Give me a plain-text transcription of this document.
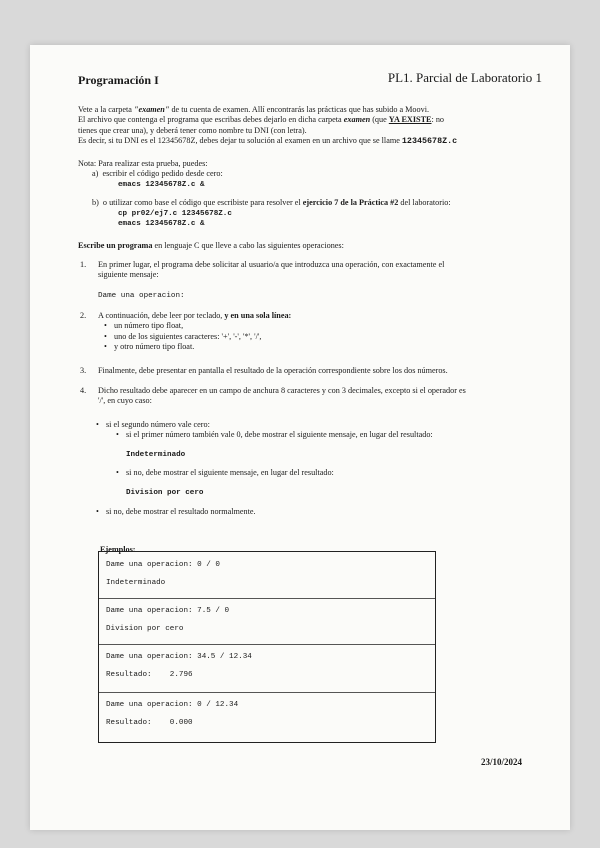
Programación I	PL1. Parcial de Laboratorio 1
Vete a la carpeta "examen" de tu cuenta de examen. Allí encontrarás las prácticas que has subido a Moovi.
El archivo que contenga el programa que escribas debes dejarlo en dicha carpeta examen (que YA EXISTE: no
tienes que crear una), y deberá tener como nombre tu DNI (con letra).
Es decir, si tu DNI es el 12345678Z, debes dejar tu solución al examen en un archivo que se llame 12345678Z.c
Nota: Para realizar esta prueba, puedes:
a) escribir el código pedido desde cero:
emacs 12345678Z.c &
b) o utilizar como base el código que escribiste para resolver el ejercicio 7 de la Práctica #2 del laboratorio:
cp pr02/ej7.c 12345678Z.c
emacs 12345678Z.c &
Escribe un programa en lenguaje C que lleve a cabo las siguientes operaciones:
1. En primer lugar, el programa debe solicitar al usuario/a que introduzca una operación, con exactamente el
siguiente mensaje:
Dame una operacion:
2. A continuación, debe leer por teclado, y en una sola línea:
• un número tipo float,
• uno de los siguientes caracteres: '+', '-', '*', '/',
• y otro número tipo float.
3.	Finalmente, debe presentar en pantalla el resultado de la operación correspondiente sobre los dos números.
4. Dicho resultado debe aparecer en un campo de anchura 8 caracteres y con 3 decimales, excepto si el operador es
'/', en cuyo caso:
• si el segundo número vale cero:
• si el primer número también vale 0, debe mostrar el siguiente mensaje, en lugar del resultado:
Indeterminado
• si no, debe mostrar el siguiente mensaje, en lugar del resultado:
Division por cero
• si no, debe mostrar el resultado normalmente.
Ejemplos:
Dame una operacion: 0 / 0
Indeterminado
Dame una operacion: 7.5 / 0
Division por cero
Dame una operacion: 34.5 / 12.34
Resultado:    2.796
Dame una operacion: 0 / 12.34
Resultado:    0.000
23/10/2024
